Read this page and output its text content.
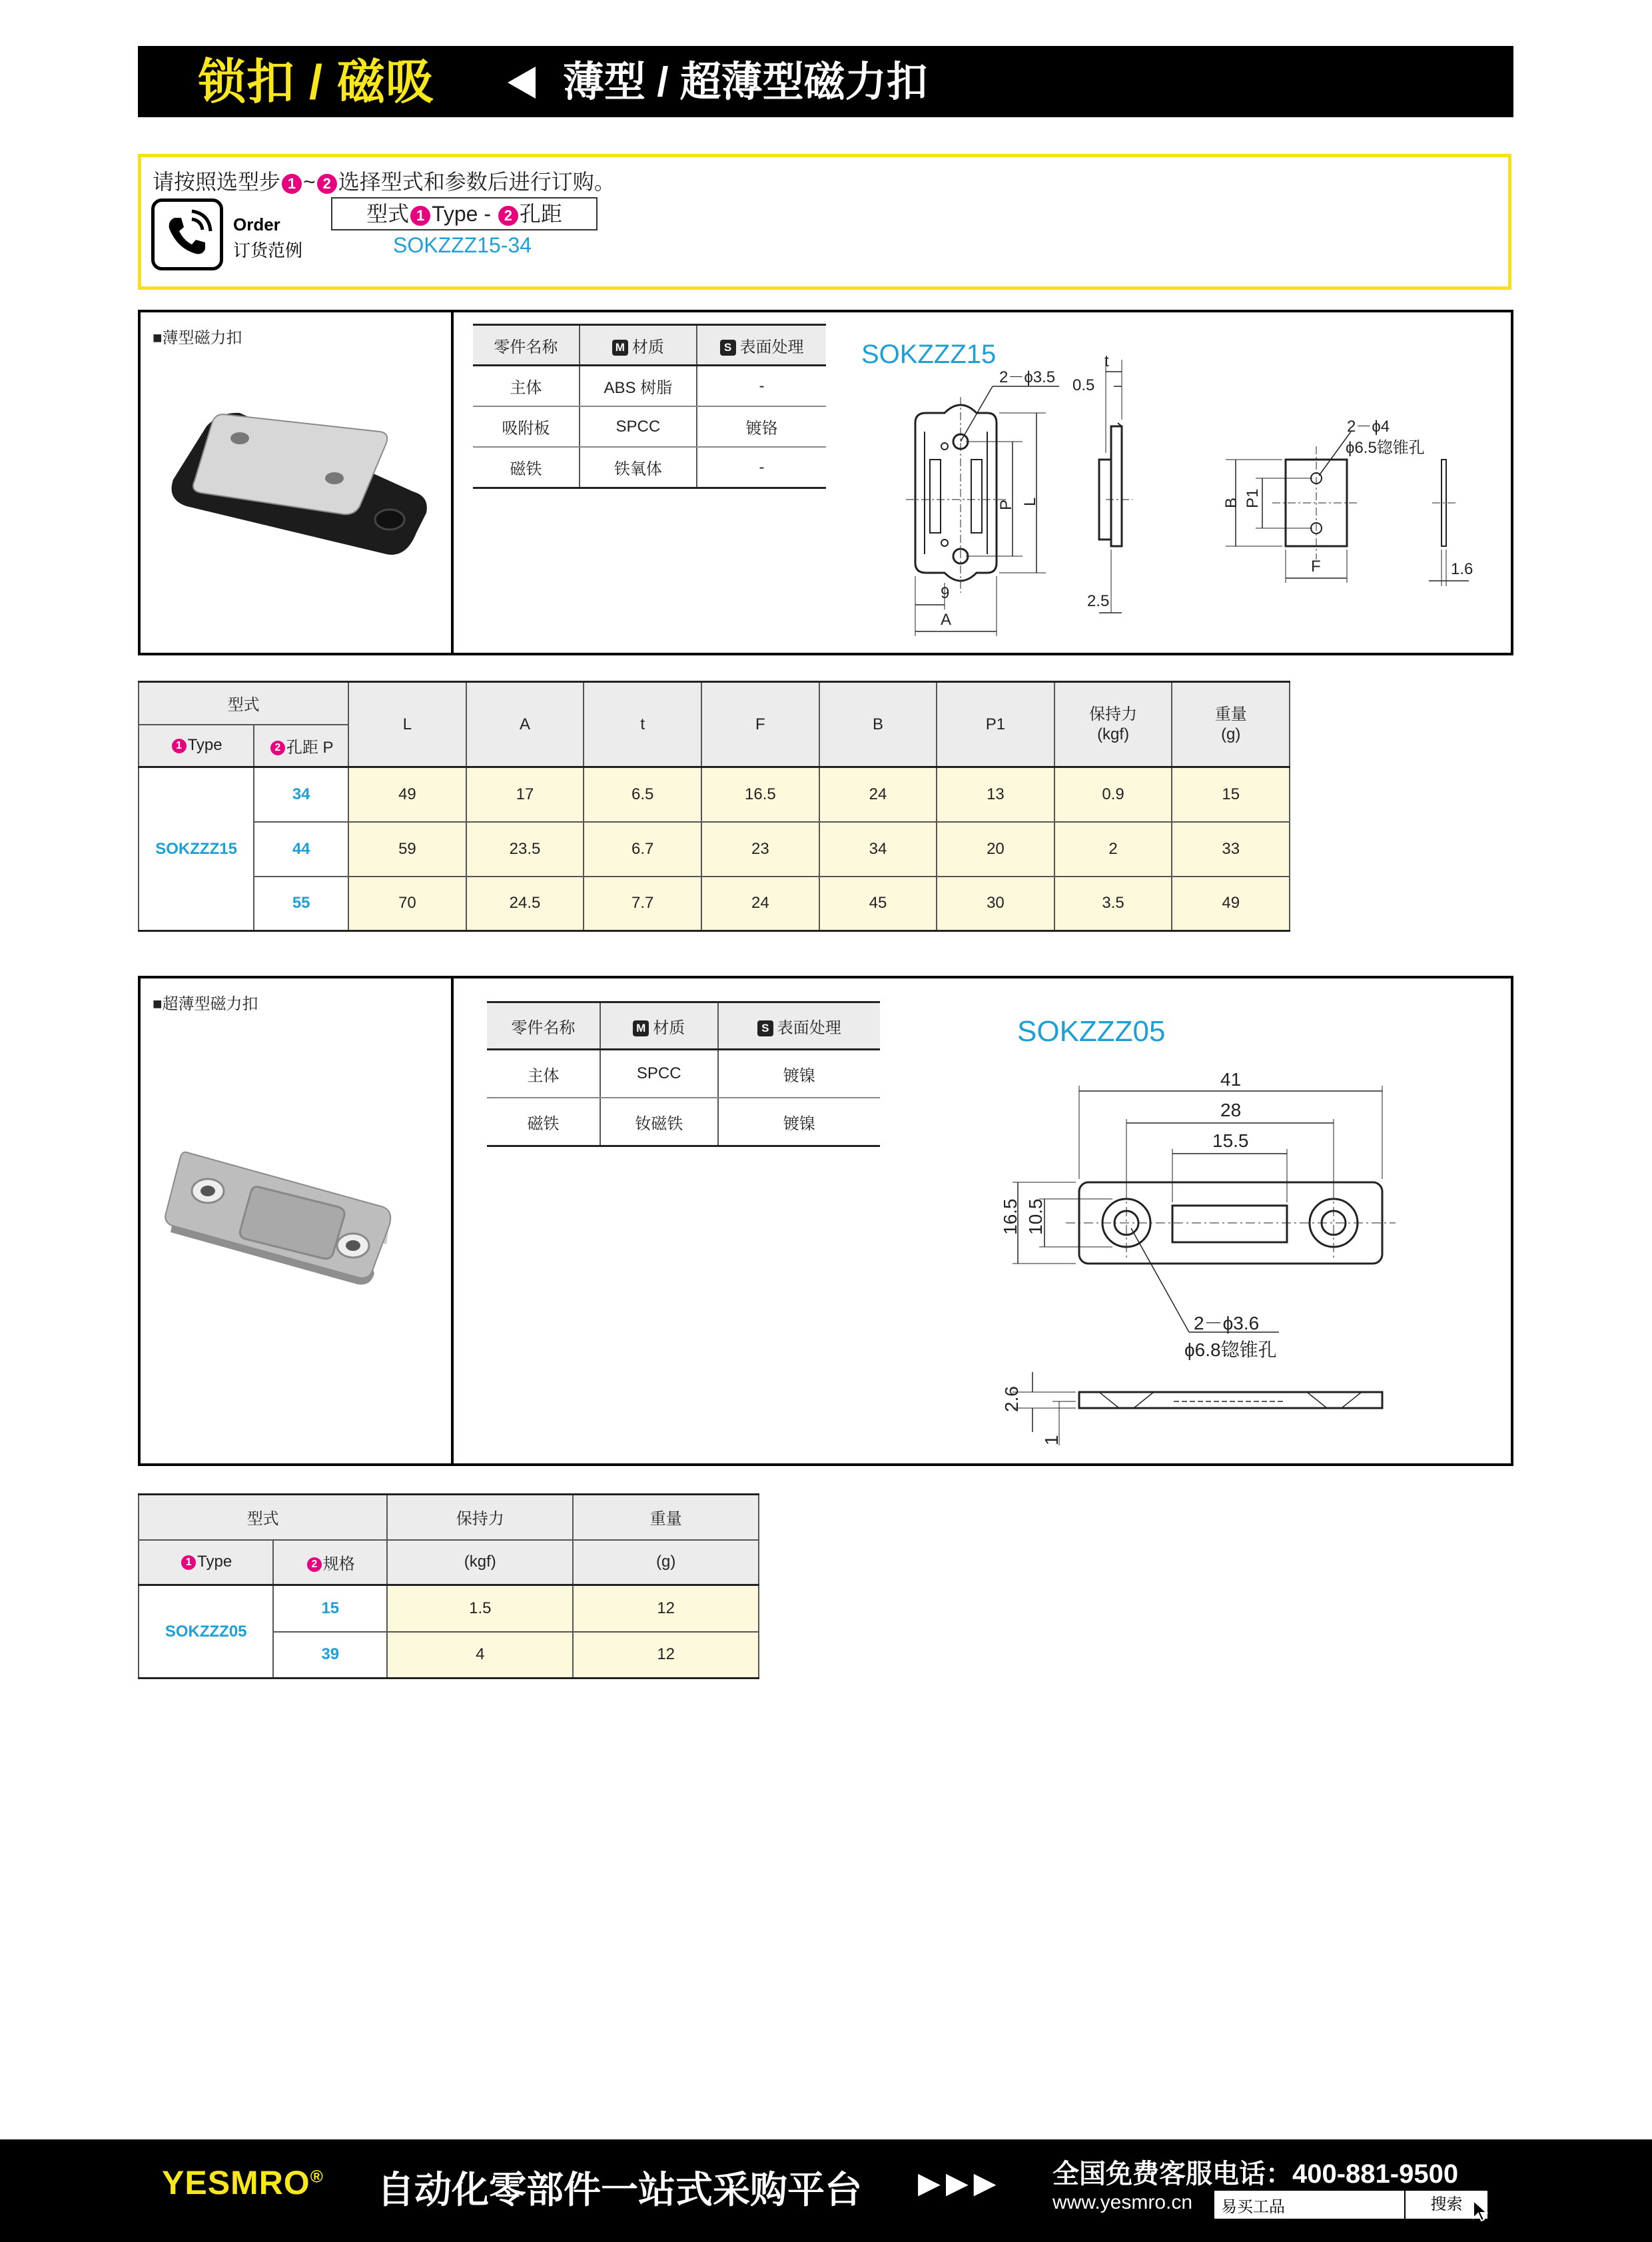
锁扣 / 磁吸	薄型 / 超薄型磁力扣
请按照选型步 1 ~ 2 选择型式和参数后进行订购。
Order
订货范例
型式 1 Type - 2 孔距
SOKZZZ15-34
■薄型磁力扣	零件名称	M 材质	S 表面处理
主体	ABS 树脂	-
吸附板	SPCC	镀铬
磁铁	铁氧体	-
SOKZZZ15
2－ϕ3.5
P L
9
A
t
0.5
2.5
2－ϕ4
ϕ6.5锪锥孔
B P1
F	1.6
型式		L	A	t	F	B	P1	保持力
(kgf)	重量
(g)
1 Type	2 孔距 P								
SOKZZZ15	34	49	17	6.5	16.5	24	13	0.9	15
	44	59	23.5	6.7	23	34	20	2	33
	55	70	24.5	7.7	24	45	30	3.5	49
■超薄型磁力扣
零件名称	M 材质	S 表面处理
主体	SPCC	镀镍
磁铁	钕磁铁	镀镍
SOKZZZ05
41
28
15.5
16.5 10.5
2－ϕ3.6
ϕ6.8锪锥孔
2.6
1
型式		保持力	重量
1 Type	2 规格	(kgf)	(g)
SOKZZZ05	15	1.5	12
	39	4	12
YESMRO® 自动化零部件一站式采购平台 ▶▶▶ 全国免费客服电话：400-881-9500
www.yesmro.cn 易买工品	搜索
